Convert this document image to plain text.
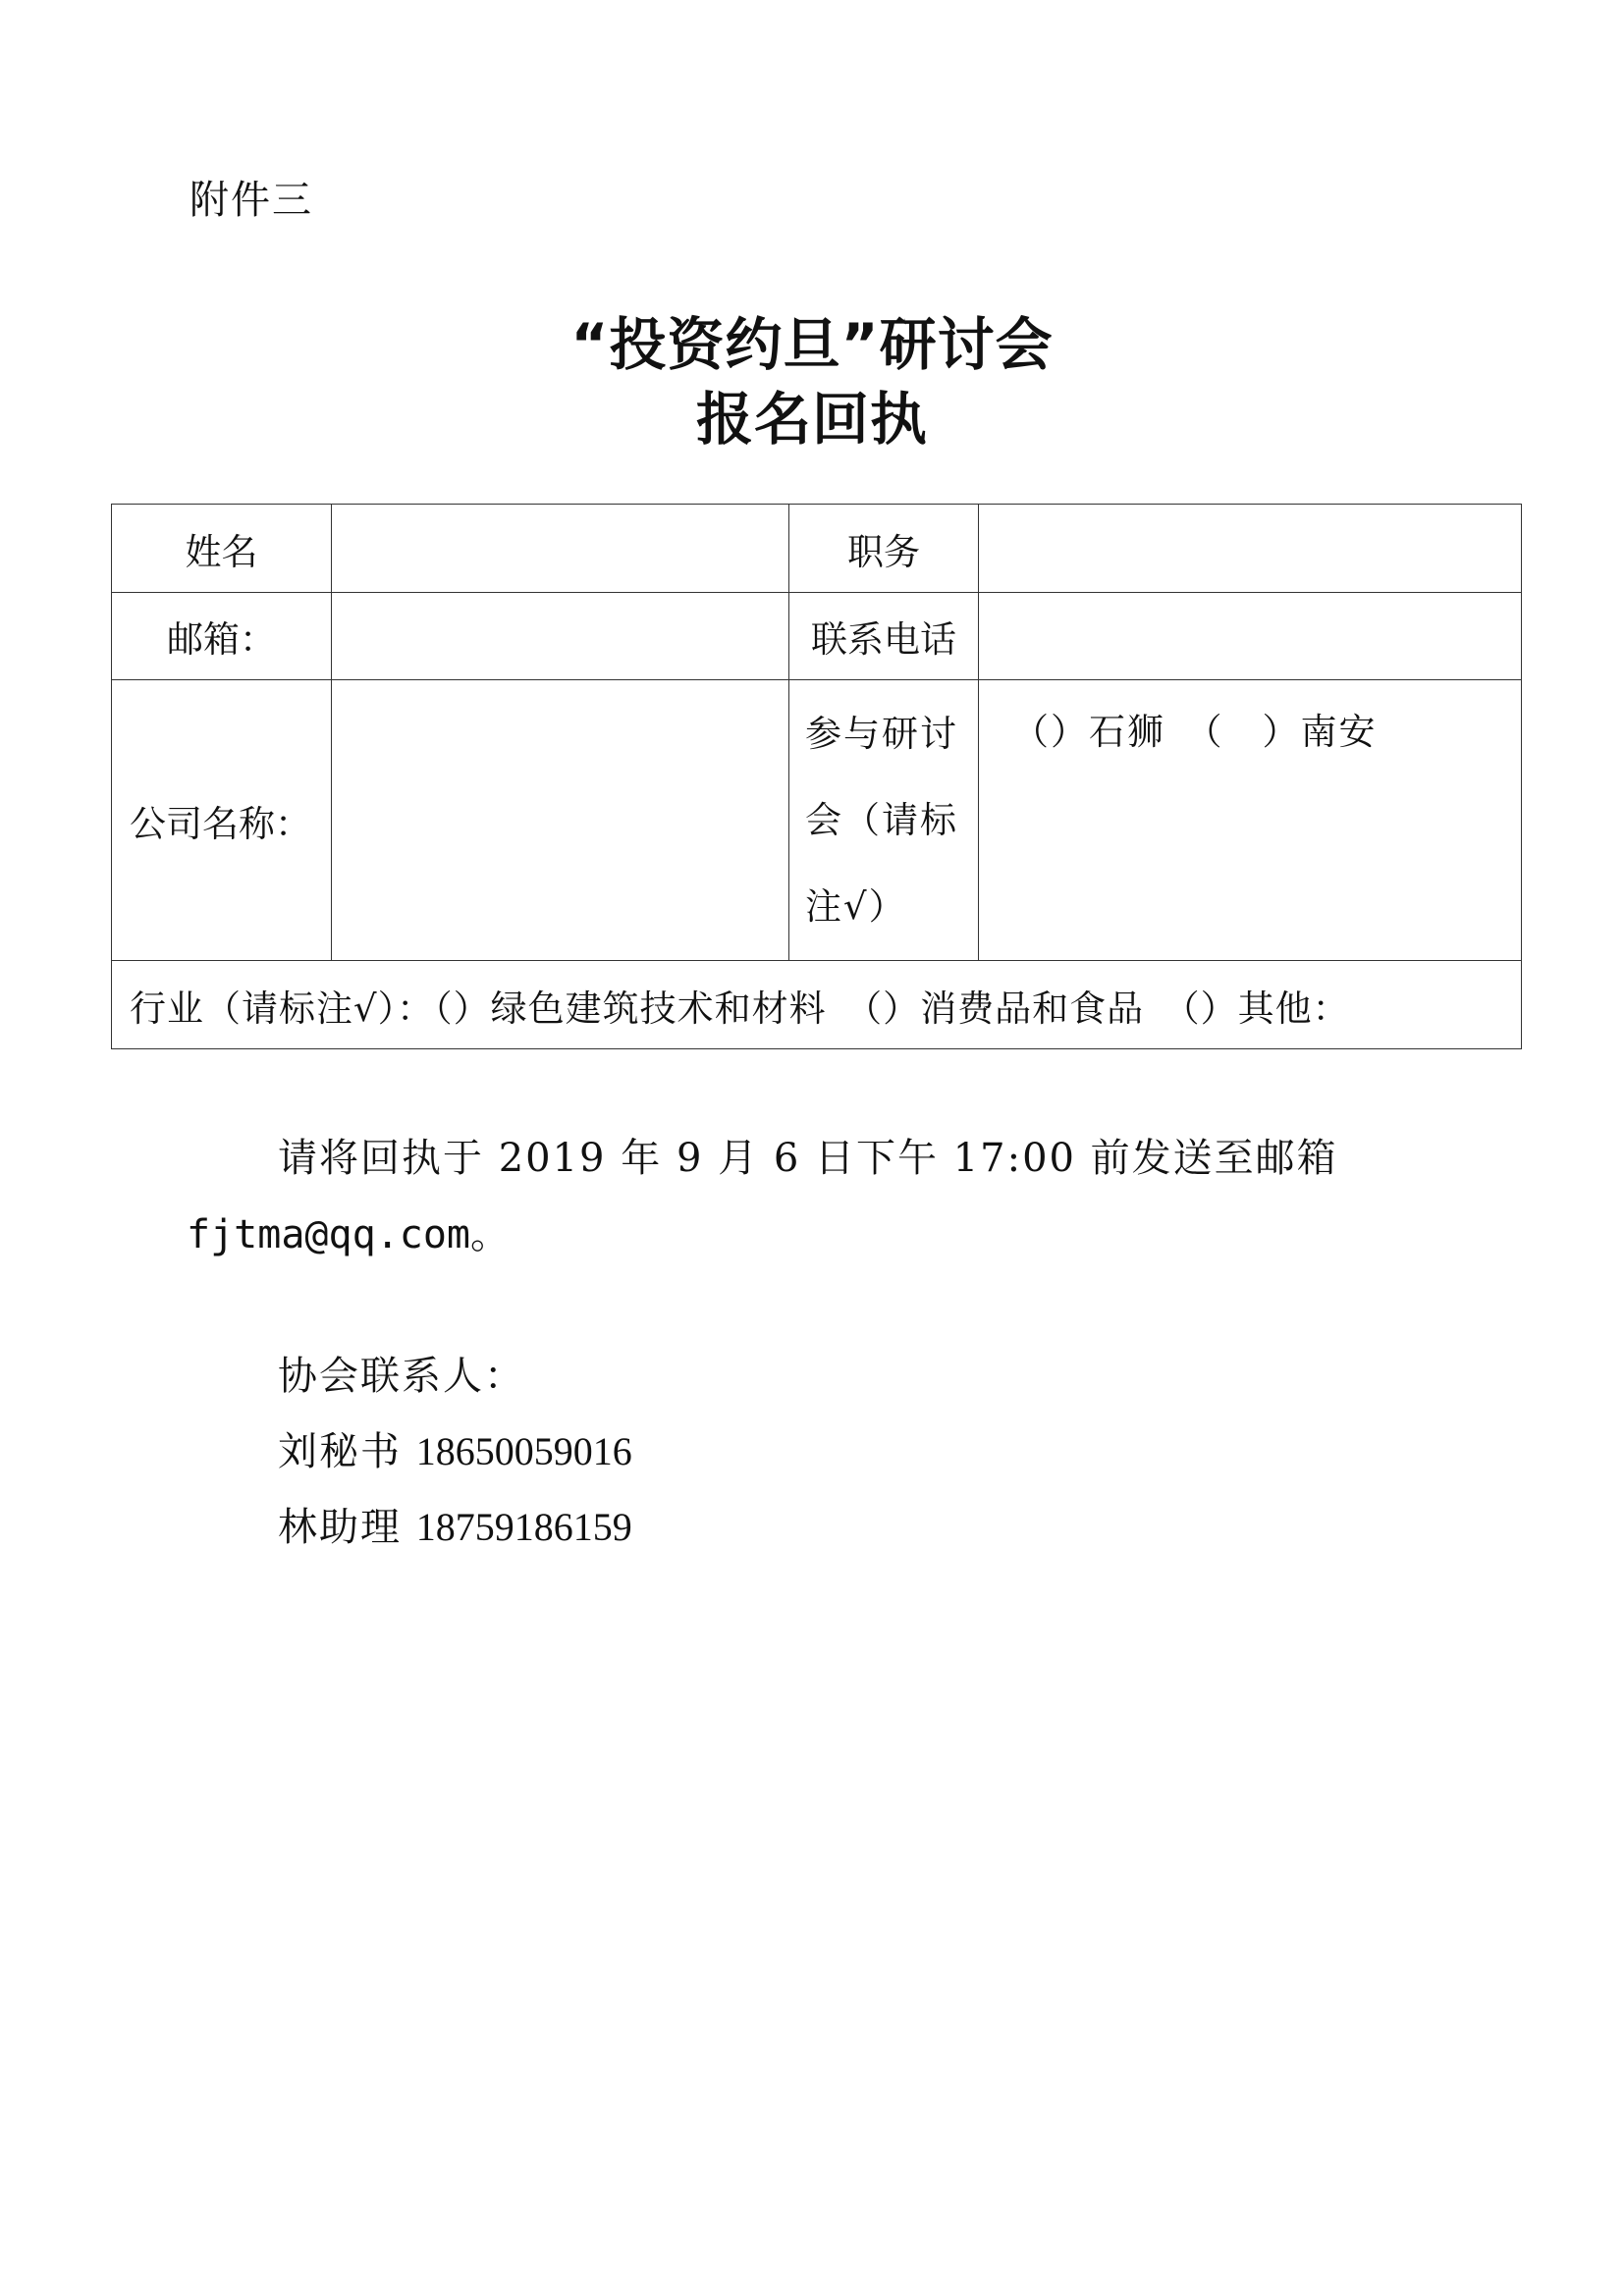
附件三
“投资约旦”研讨会
报名回执
姓名		职务	
邮箱：		联系电话	
公司名称：		参与研讨
会（请标
注√）	（）石狮　（　）南安
行业（请标注√）：（）绿色建筑技术和材料　（）消费品和食品　（）其他：			
请将回执于 2019 年 9 月 6 日下午 17:00 前发送至邮箱
fjtma@qq.com。
协会联系人：
刘秘书 18650059016
林助理 18759186159
